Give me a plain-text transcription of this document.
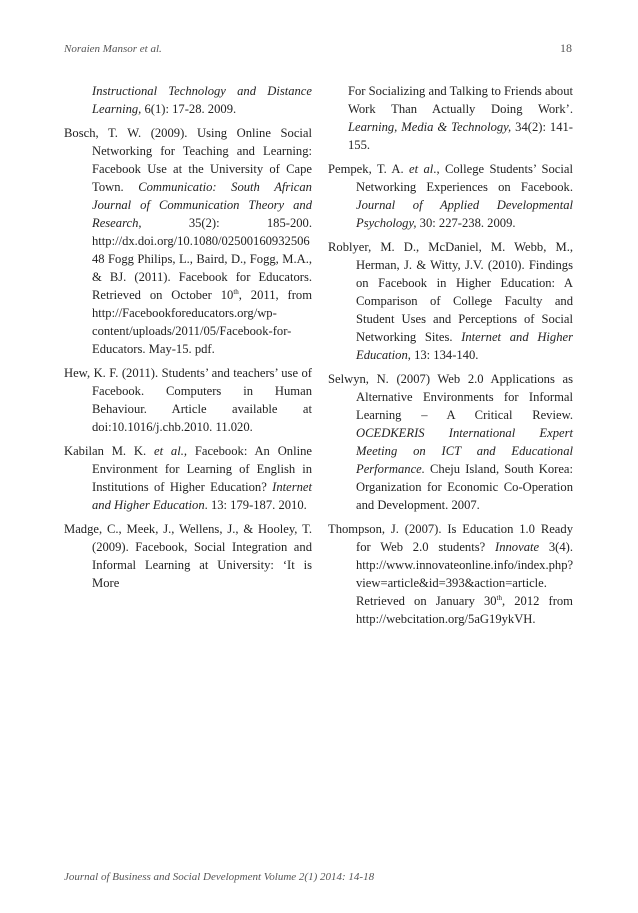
Noraien Mansor et al.	18

Instructional Technology and Distance Learning, 6(1): 17-28. 2009.

Bosch, T. W. (2009). Using Online Social Networking for Teaching and Learning: Facebook Use at the University of Cape Town. Communicatio: South African Journal of Communication Theory and Research, 35(2): 185-200. http://dx.doi.org/10.1080/02500160932506 48 Fogg Philips, L., Baird, D., Fogg, M.A., & BJ. (2011). Facebook for Educators. Retrieved on October 10th, 2011, from http://Facebookforeducators.org/wp-content/uploads/2011/05/Facebook-for-Educators. May-15. pdf.

Hew, K. F. (2011). Students’ and teachers’ use of Facebook. Computers in Human Behaviour. Article available at doi:10.1016/j.chb.2010. 11.020.

Kabilan M. K. et al., Facebook: An Online Environment for Learning of English in Institutions of Higher Education? Internet and Higher Education. 13: 179-187. 2010.

Madge, C., Meek, J., Wellens, J., & Hooley, T. (2009). Facebook, Social Integration and Informal Learning at University: ‘It is More

For Socializing and Talking to Friends about Work Than Actually Doing Work’. Learning, Media & Technology, 34(2): 141-155.

Pempek, T. A. et al., College Students’ Social Networking Experiences on Facebook. Journal of Applied Developmental Psychology, 30: 227-238. 2009.

Roblyer, M. D., McDaniel, M. Webb, M., Herman, J. & Witty, J.V. (2010). Findings on Facebook in Higher Education: A Comparison of College Faculty and Student Uses and Perceptions of Social Networking Sites. Internet and Higher Education, 13: 134-140.

Selwyn, N. (2007) Web 2.0 Applications as Alternative Environments for Informal Learning – A Critical Review. OCEDKERIS International Expert Meeting on ICT and Educational Performance. Cheju Island, South Korea: Organization for Economic Co-Operation and Development. 2007.

Thompson, J. (2007). Is Education 1.0 Ready for Web 2.0 students? Innovate 3(4). http://www.innovateonline.info/index.php?view=article&id=393&action=article. Retrieved on January 30th, 2012 from http://webcitation.org/5aG19ykVH.

Journal of Business and Social Development Volume 2(1) 2014: 14-18
